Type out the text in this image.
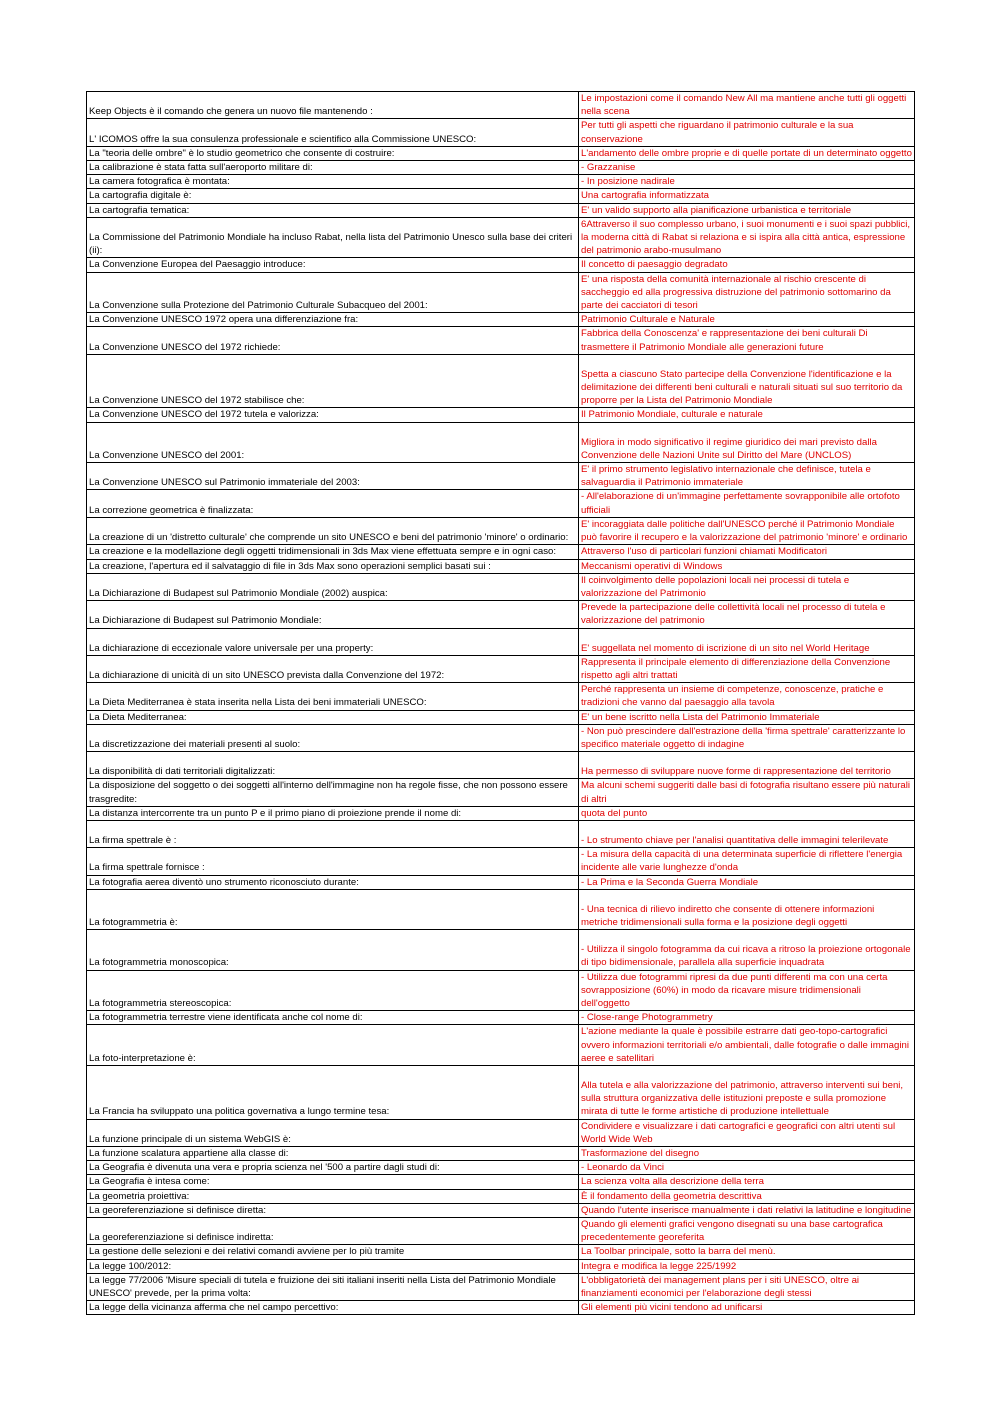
Keep Objects è il comando che genera un nuovo file mantenendo :	Le impostazioni come il comando New All ma mantiene anche tutti gli oggetti nella scena
L' ICOMOS offre la sua consulenza professionale e scientifico alla Commissione UNESCO:	Per tutti gli aspetti che riguardano il patrimonio culturale e la sua conservazione
La "teoria delle ombre" è lo studio geometrico che consente di costruire:	L'andamento delle ombre proprie e di quelle portate di un determinato oggetto
La calibrazione è stata fatta sull'aeroporto militare di:	- Grazzanise
La camera fotografica è montata:	- In posizione nadirale
La cartografia digitale è:	Una cartografia informatizzata
La cartografia tematica:	E' un valido supporto alla pianificazione urbanistica e territoriale
La Commissione del Patrimonio Mondiale ha incluso Rabat, nella lista del Patrimonio Unesco sulla base dei criteri (ii):	6Attraverso il suo complesso urbano, i suoi monumenti e i suoi spazi pubblici, la moderna città di Rabat si relaziona e si ispira alla città antica, espressione del patrimonio arabo-musulmano
La Convenzione Europea del Paesaggio introduce:	Il concetto di paesaggio degradato
La Convenzione sulla Protezione del Patrimonio Culturale Subacqueo del 2001:	E' una risposta della comunità internazionale al rischio crescente di saccheggio ed alla progressiva distruzione del patrimonio sottomarino da parte dei cacciatori di tesori
La Convenzione UNESCO 1972 opera una differenziazione fra:	Patrimonio Culturale e Naturale
La Convenzione UNESCO del 1972 richiede:	Fabbrica della Conoscenza' e rappresentazione dei beni culturali Di trasmettere il Patrimonio Mondiale alle generazioni future
La Convenzione UNESCO del 1972 stabilisce che:	Spetta a ciascuno Stato partecipe della Convenzione l'identificazione e la delimitazione dei differenti beni culturali e naturali situati sul suo territorio da proporre per la Lista del Patrimonio Mondiale
La Convenzione UNESCO del 1972 tutela e valorizza:	Il Patrimonio Mondiale, culturale e naturale
La Convenzione UNESCO del 2001:	Migliora in modo significativo il regime giuridico dei mari previsto dalla Convenzione delle Nazioni Unite sul Diritto del Mare (UNCLOS)
La Convenzione UNESCO sul Patrimonio immateriale del 2003:	E' il primo strumento legislativo internazionale che definisce, tutela e salvaguardia il Patrimonio immateriale
La correzione geometrica è finalizzata:	- All'elaborazione di un'immagine perfettamente sovrapponibile alle ortofoto ufficiali
La creazione di un 'distretto culturale' che comprende un sito UNESCO e beni del patrimonio 'minore' o ordinario:	E' incoraggiata dalle politiche dall'UNESCO perché il Patrimonio Mondiale può favorire il recupero e la valorizzazione del patrimonio 'minore' e ordinario
La creazione e la modellazione degli oggetti tridimensionali in 3ds Max viene effettuata sempre e in ogni caso:	Attraverso l'uso di particolari funzioni chiamati Modificatori
La creazione, l'apertura ed il salvataggio di file in 3ds Max sono operazioni semplici basati sui :	Meccanismi operativi di Windows
La Dichiarazione di Budapest sul Patrimonio Mondiale (2002) auspica:	Il coinvolgimento delle popolazioni locali nei processi di tutela e valorizzazione del Patrimonio
La Dichiarazione di Budapest sul Patrimonio Mondiale:	Prevede la partecipazione delle collettività locali nel processo di tutela e valorizzazione del patrimonio
La dichiarazione di eccezionale valore universale per una property:	E' suggellata nel momento di iscrizione di un sito nel World Heritage
La dichiarazione di unicità di un sito UNESCO prevista dalla Convenzione del 1972:	Rappresenta il principale elemento di differenziazione della Convenzione rispetto agli altri trattati
La Dieta Mediterranea è stata inserita nella Lista dei beni immateriali UNESCO:	Perché rappresenta un insieme di competenze, conoscenze, pratiche e tradizioni che vanno dal paesaggio alla tavola
La Dieta Mediterranea:	E' un bene iscritto nella Lista del Patrimonio Immateriale
La discretizzazione dei materiali presenti al suolo:	- Non può prescindere dall'estrazione della 'firma spettrale' caratterizzante lo specifico materiale oggetto di indagine
La disponibilità di dati territoriali digitalizzati:	Ha permesso di sviluppare nuove forme di rappresentazione del territorio
La disposizione del soggetto o dei soggetti all'interno dell'immagine non ha regole fisse, che non possono essere trasgredite:	Ma alcuni schemi suggeriti dalle basi di fotografia risultano essere più naturali di altri
La distanza intercorrente tra un punto P e il primo piano di proiezione prende il nome di:	quota del punto
La firma spettrale è :	- Lo strumento chiave per l'analisi quantitativa delle immagini telerilevate
La firma spettrale fornisce :	- La misura della capacità di una determinata superficie di riflettere l'energia incidente alle varie lunghezze d'onda
La fotografia aerea diventò uno strumento riconosciuto durante:	- La Prima e la Seconda Guerra Mondiale
La fotogrammetria è:	- Una tecnica di rilievo indiretto che consente di ottenere informazioni metriche tridimensionali sulla forma e la posizione degli oggetti
La fotogrammetria monoscopica:	- Utilizza il singolo fotogramma da cui ricava a ritroso la proiezione ortogonale di tipo bidimensionale, parallela alla superficie inquadrata
La fotogrammetria stereoscopica:	- Utilizza due fotogrammi ripresi da due punti differenti ma con una certa sovrapposizione (60%) in modo da ricavare misure tridimensionali dell'oggetto
La fotogrammetria terrestre viene identificata anche col nome di:	- Close-range Photogrammetry
La foto-interpretazione è:	L'azione mediante la quale è possibile estrarre dati geo-topo-cartografici ovvero informazioni territoriali e/o ambientali, dalle fotografie o dalle immagini aeree e satellitari
La Francia ha sviluppato una politica governativa a lungo termine tesa:	Alla tutela e alla valorizzazione del patrimonio, attraverso interventi sui beni, sulla struttura organizzativa delle istituzioni preposte e sulla promozione mirata di tutte le forme artistiche di produzione intellettuale
La funzione principale di un sistema WebGIS è:	Condividere e visualizzare i dati cartografici e geografici con altri utenti sul World Wide Web
La funzione scalatura appartiene alla classe di:	Trasformazione del disegno
La Geografia è divenuta una vera e propria scienza nel '500 a partire dagli studi di:	- Leonardo da Vinci
La Geografia è intesa come:	La scienza volta alla descrizione della terra
La geometria proiettiva:	È il fondamento della geometria descrittiva
La georeferenziazione si definisce diretta:	Quando l'utente inserisce manualmente i dati relativi la latitudine e longitudine
La georeferenziazione si definisce indiretta:	Quando gli elementi grafici vengono disegnati su una base cartografica precedentemente georeferita
La gestione delle selezioni e dei relativi comandi avviene per lo più tramite	La Toolbar principale, sotto la barra del menù.
La legge 100/2012:	Integra e modifica la legge 225/1992
La legge 77/2006 'Misure speciali di tutela e fruizione dei siti italiani inseriti nella Lista del Patrimonio Mondiale UNESCO' prevede, per la prima volta:	L'obbligatorietà dei management plans per i siti UNESCO, oltre ai finanziamenti economici per l'elaborazione degli stessi
La legge della vicinanza afferma che nel campo percettivo:	Gli elementi più vicini tendono ad unificarsi
